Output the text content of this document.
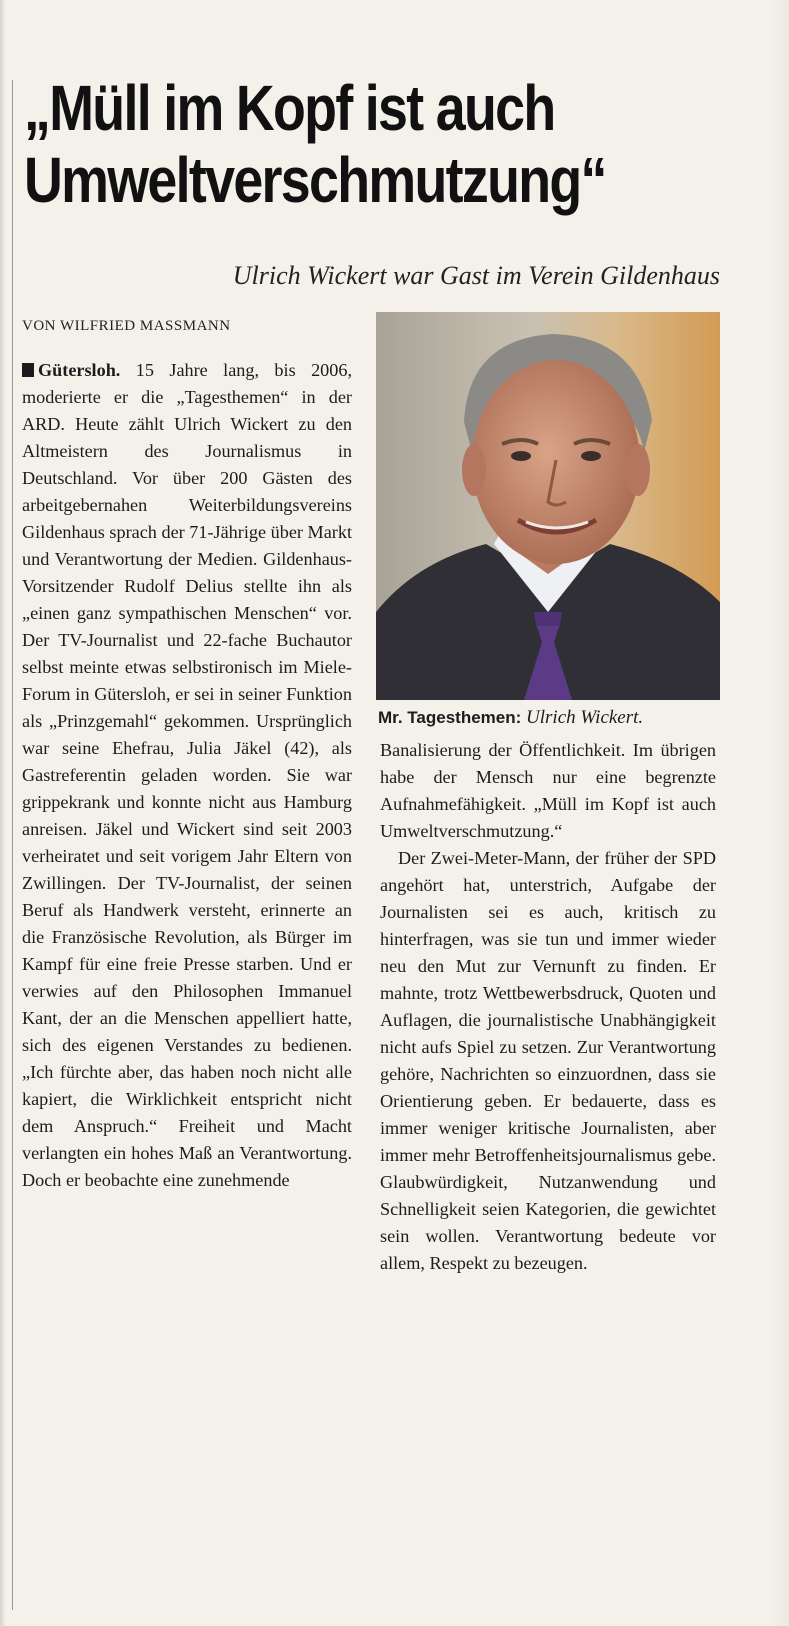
„Müll im Kopf ist auch
Umweltverschmutzung“
Ulrich Wickert war Gast im Verein Gildenhaus
VON WILFRIED MASSMANN

Gütersloh. 15 Jahre lang, bis 2006, moderierte er die „Tagesthemen“ in der ARD. Heute zählt Ulrich Wickert zu den Altmeistern des Journalismus in Deutschland. Vor über 200 Gästen des arbeitgebernahen Weiterbildungsvereins Gildenhaus sprach der 71-Jährige über Markt und Verantwortung der Medien. Gildenhaus-Vorsitzender Rudolf Delius stellte ihn als „einen ganz sympathischen Menschen“ vor. Der TV-Journalist und 22-fache Buchautor selbst meinte etwas selbstironisch im Miele-Forum in Gütersloh, er sei in seiner Funktion als „Prinzgemahl“ gekommen. Ursprünglich war seine Ehefrau, Julia Jäkel (42), als Gastreferentin geladen worden. Sie war grippekrank und konnte nicht aus Hamburg anreisen. Jäkel und Wickert sind seit 2003 verheiratet und seit vorigem Jahr Eltern von Zwillingen. Der TV-Journalist, der seinen Beruf als Handwerk versteht, erinnerte an die Französische Revolution, als Bürger im Kampf für eine freie Presse starben. Und er verwies auf den Philosophen Immanuel Kant, der an die Menschen appelliert hatte, sich des eigenen Verstandes zu bedienen. „Ich fürchte aber, das haben noch nicht alle kapiert, die Wirklichkeit entspricht nicht dem Anspruch.“ Freiheit und Macht verlangten ein hohes Maß an Verantwortung. Doch er beobachte eine zunehmende

Mr. Tagesthemen: Ulrich Wickert.

Banalisierung der Öffentlichkeit. Im übrigen habe der Mensch nur eine begrenzte Aufnahmefähigkeit. „Müll im Kopf ist auch Umweltverschmutzung.“

Der Zwei-Meter-Mann, der früher der SPD angehört hat, unterstrich, Aufgabe der Journalisten sei es auch, kritisch zu hinterfragen, was sie tun und immer wieder neu den Mut zur Vernunft zu finden. Er mahnte, trotz Wettbewerbsdruck, Quoten und Auflagen, die journalistische Unabhängigkeit nicht aufs Spiel zu setzen. Zur Verantwortung gehöre, Nachrichten so einzuordnen, dass sie Orientierung geben. Er bedauerte, dass es immer weniger kritische Journalisten, aber immer mehr Betroffenheitsjournalismus gebe. Glaubwürdigkeit, Nutzanwendung und Schnelligkeit seien Kategorien, die gewichtet sein wollen. Verantwortung bedeute vor allem, Respekt zu bezeugen.
